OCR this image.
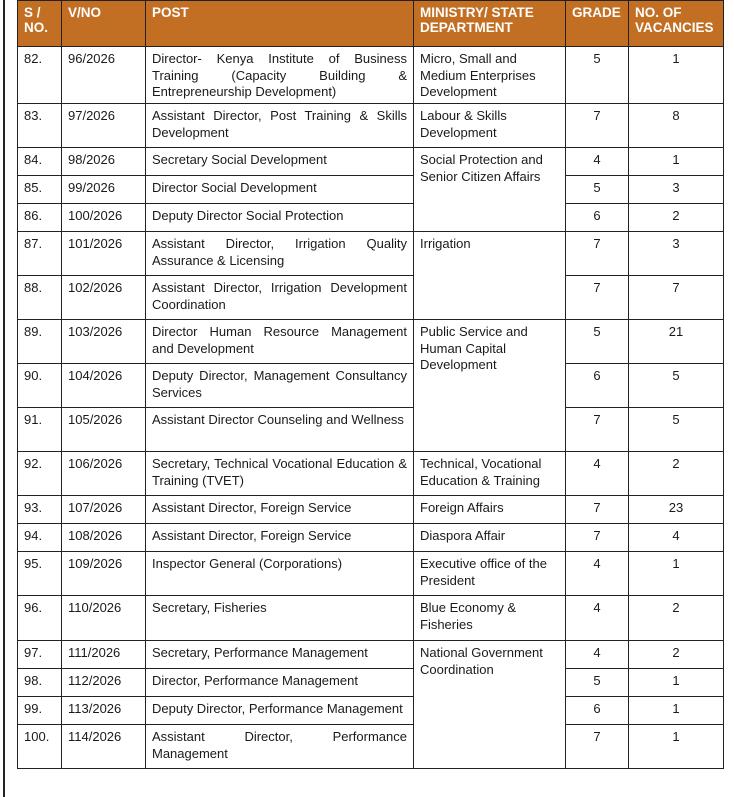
S / NO.	V/NO	POST	MINISTRY/ STATE DEPARTMENT	GRADE	NO. OF VACANCIES
82.	96/2026	Director- Kenya Institute of Business Training (Capacity Building & Entrepreneurship Development)	Micro, Small and Medium Enterprises Development	5	1
83.	97/2026	Assistant Director, Post Training & Skills Development	Labour & Skills Development	7	8
84.	98/2026	Secretary Social Development	Social Protection and Senior Citizen Affairs	4	1
85.	99/2026	Director Social Development		5	3
86.	100/2026	Deputy Director Social Protection		6	2
87.	101/2026	Assistant Director, Irrigation Quality Assurance & Licensing	Irrigation	7	3
88.	102/2026	Assistant Director, Irrigation Development Coordination		7	7
89.	103/2026	Director Human Resource Management and Development	Public Service and Human Capital Development	5	21
90.	104/2026	Deputy Director, Management Consultancy Services		6	5
91.	105/2026	Assistant Director Counseling and Wellness		7	5
92.	106/2026	Secretary, Technical Vocational Education & Training (TVET)	Technical, Vocational Education & Training	4	2
93.	107/2026	Assistant Director, Foreign Service	Foreign Affairs	7	23
94.	108/2026	Assistant Director, Foreign Service	Diaspora Affair	7	4
95.	109/2026	Inspector General (Corporations)	Executive office of the President	4	1
96.	110/2026	Secretary, Fisheries	Blue Economy & Fisheries	4	2
97.	111/2026	Secretary, Performance Management	National Government Coordination	4	2
98.	112/2026	Director, Performance Management		5	1
99.	113/2026	Deputy Director, Performance Management		6	1
100.	114/2026	Assistant Director, Performance Management		7	1
